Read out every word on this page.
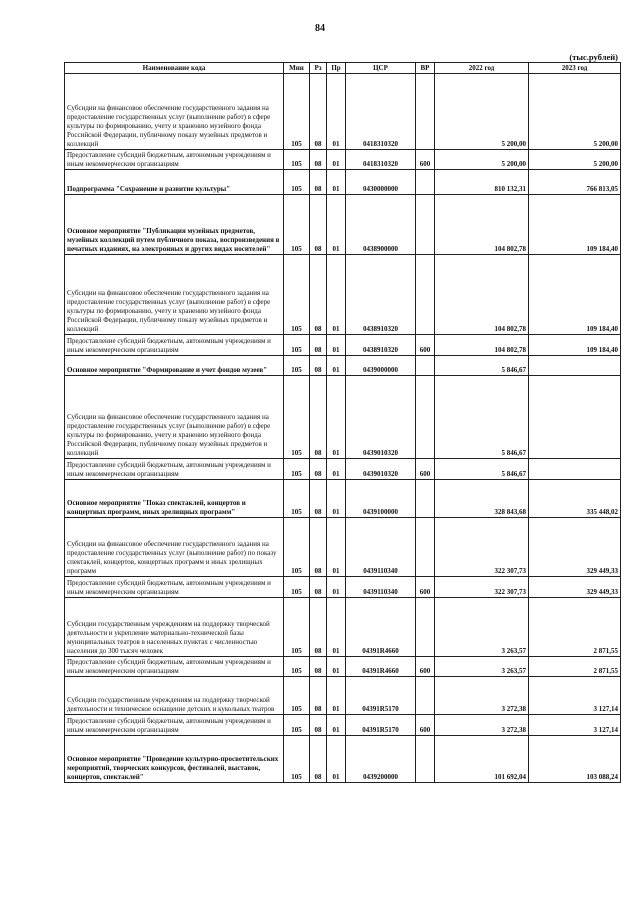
84
(тыс.рублей)
Наименование кода	Мин	Рз	Пр	ЦСР	ВР	2022 год	2023 год
Субсидии на финансовое обеспечение государственного задания на предоставление государственных услуг (выполнение работ) в сфере культуры по формированию, учету и хранению музейного фонда Российской Федерации, публичному показу музейных предметов и коллекций	105	08	01	0418310320		5 200,00	5 200,00
Предоставление субсидий бюджетным, автономным учреждениям и иным некоммерческим организациям	105	08	01	0418310320	600	5 200,00	5 200,00
Подпрограмма "Сохранение и развитие культуры"	105	08	01	0430000000		810 132,31	766 813,05
Основное мероприятие "Публикация музейных предметов, музейных коллекций путем публичного показа, воспроизведения в печатных изданиях, на электронных и других видах носителей"	105	08	01	0438900000		104 802,78	109 184,40
Субсидии на финансовое обеспечение государственного задания на предоставление государственных услуг (выполнение работ) в сфере культуры по формированию, учету и хранению музейного фонда Российской Федерации, публичному показу музейных предметов и коллекций	105	08	01	0438910320		104 802,78	109 184,40
Предоставление субсидий бюджетным, автономным учреждениям и иным некоммерческим организациям	105	08	01	0438910320	600	104 802,78	109 184,40
Основное мероприятие "Формирование и учет фондов музеев"	105	08	01	0439000000		5 846,67	
Субсидии на финансовое обеспечение государственного задания на предоставление государственных услуг (выполнение работ) в сфере культуры по формированию, учету и хранению музейного фонда Российской Федерации, публичному показу музейных предметов и коллекций	105	08	01	0439010320		5 846,67	
Предоставление субсидий бюджетным, автономным учреждениям и иным некоммерческим организациям	105	08	01	0439010320	600	5 846,67	
Основное мероприятие "Показ спектаклей, концертов и концертных программ, иных зрелищных программ"	105	08	01	0439100000		328 843,68	335 448,02
Субсидии на финансовое обеспечение государственного задания на предоставление государственных услуг (выполнение работ) по показу спектаклей, концертов, концертных программ и иных зрелищных программ	105	08	01	0439110340		322 307,73	329 449,33
Предоставление субсидий бюджетным, автономным учреждениям и иным некоммерческим организациям	105	08	01	0439110340	600	322 307,73	329 449,33
Субсидии государственным учреждениям на поддержку творческой деятельности и укрепление материально-технической базы муниципальных театров в населенных пунктах с численностью населения до 300 тысяч человек	105	08	01	04391R4660		3 263,57	2 871,55
Предоставление субсидий бюджетным, автономным учреждениям и иным некоммерческим организациям	105	08	01	04391R4660	600	3 263,57	2 871,55
Субсидии государственным учреждениям на поддержку творческой деятельности и техническое оснащение детских и кукольных театров	105	08	01	04391R5170		3 272,38	3 127,14
Предоставление субсидий бюджетным, автономным учреждениям и иным некоммерческим организациям	105	08	01	04391R5170	600	3 272,38	3 127,14
Основное мероприятие "Проведение культурно-просветительских мероприятий, творческих конкурсов, фестивалей, выставок, концертов, спектаклей"	105	08	01	0439200000		101 692,04	103 088,24
